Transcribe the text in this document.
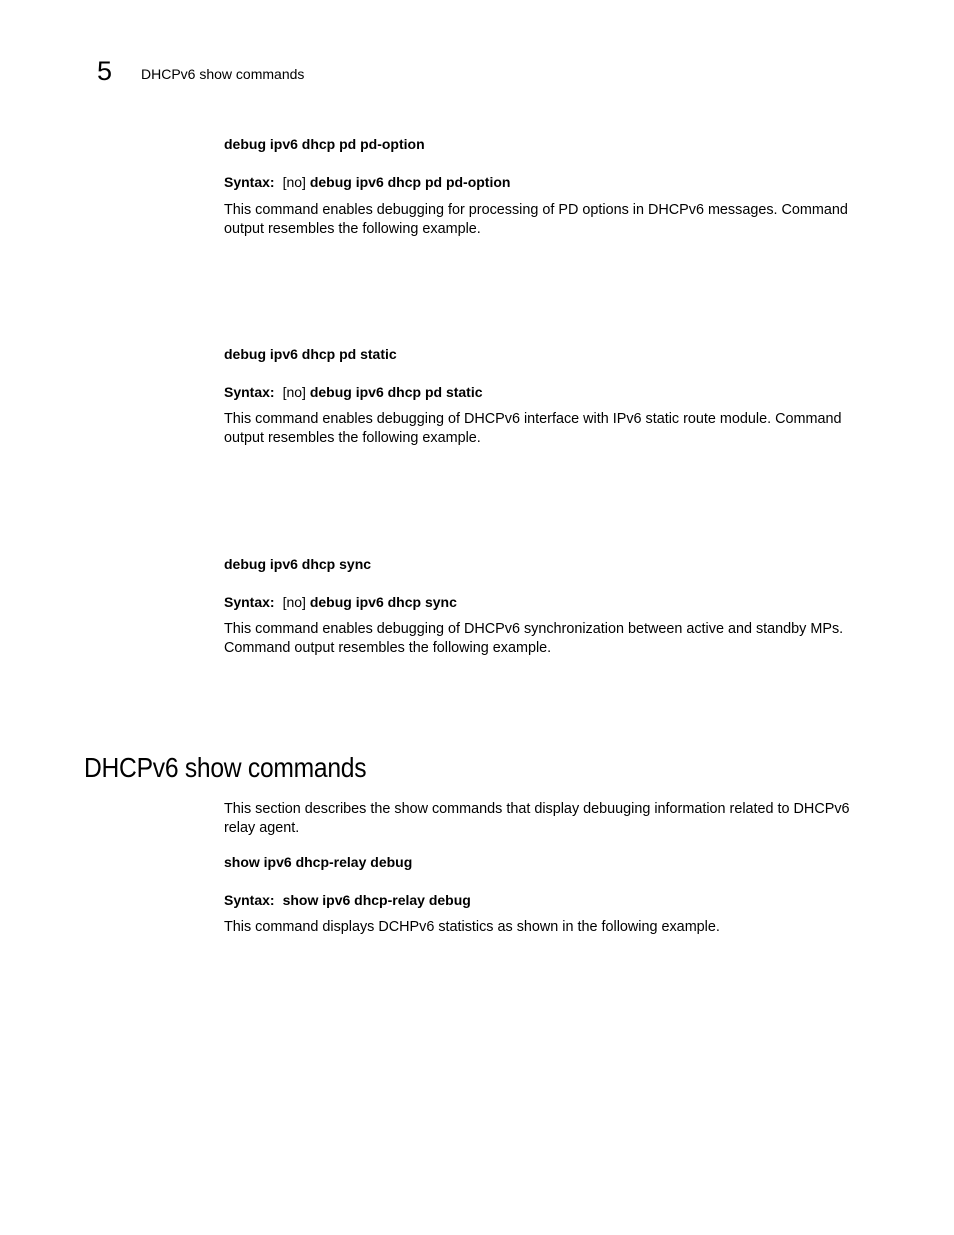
5 DHCPv6 show commands
debug ipv6 dhcp pd pd-option
Syntax: [no] debug ipv6 dhcp pd pd-option
This command enables debugging for processing of PD options in DHCPv6 messages. Command output resembles the following example.
debug ipv6 dhcp pd static
Syntax: [no] debug ipv6 dhcp pd static
This command enables debugging of DHCPv6 interface with IPv6 static route module. Command output resembles the following example.
debug ipv6 dhcp sync
Syntax: [no] debug ipv6 dhcp sync
This command enables debugging of DHCPv6 synchronization between active and standby MPs. Command output resembles the following example.
DHCPv6 show commands
This section describes the show commands that display debuuging information related to DHCPv6 relay agent.
show ipv6 dhcp-relay debug
Syntax: show ipv6 dhcp-relay debug
This command displays DCHPv6 statistics as shown in the following example.
